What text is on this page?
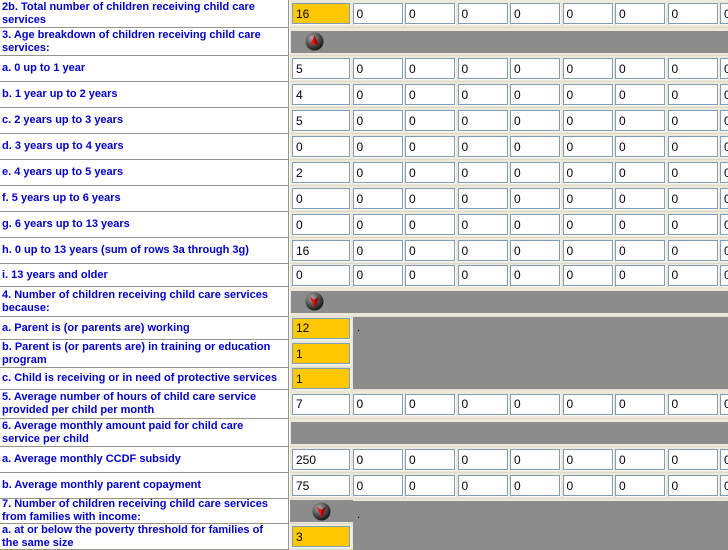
2b. Total number of children receiving child care services
16
0
0
0
0
0
0
0
0
3. Age breakdown of children receiving child care services:
a. 0 up to 1 year
5
0
0
0
0
0
0
0
0
b. 1 year up to 2 years
4
0
0
0
0
0
0
0
0
c. 2 years up to 3 years
5
0
0
0
0
0
0
0
0
d. 3 years up to 4 years
0
0
0
0
0
0
0
0
0
e. 4 years up to 5 years
2
0
0
0
0
0
0
0
0
f. 5 years up to 6 years
0
0
0
0
0
0
0
0
0
g. 6 years up to 13 years
0
0
0
0
0
0
0
0
0
h. 0 up to 13 years (sum of rows 3a through 3g)
16
0
0
0
0
0
0
0
0
i. 13 years and older
0
0
0
0
0
0
0
0
0
4. Number of children receiving child care services because:
a. Parent is (or parents are) working
12
b. Parent is (or parents are) in training or education program
1
c. Child is receiving or in need of protective services
1
.
5. Average number of hours of child care service provided per child per month
7
0
0
0
0
0
0
0
0
6. Average monthly amount paid for child care service per child
a. Average monthly CCDF subsidy
250
0
0
0
0
0
0
0
0
b. Average monthly parent copayment
75
0
0
0
0
0
0
0
0
7. Number of children receiving child care services from families with income:
a. at or below the poverty threshold for families of the same size
3
.
